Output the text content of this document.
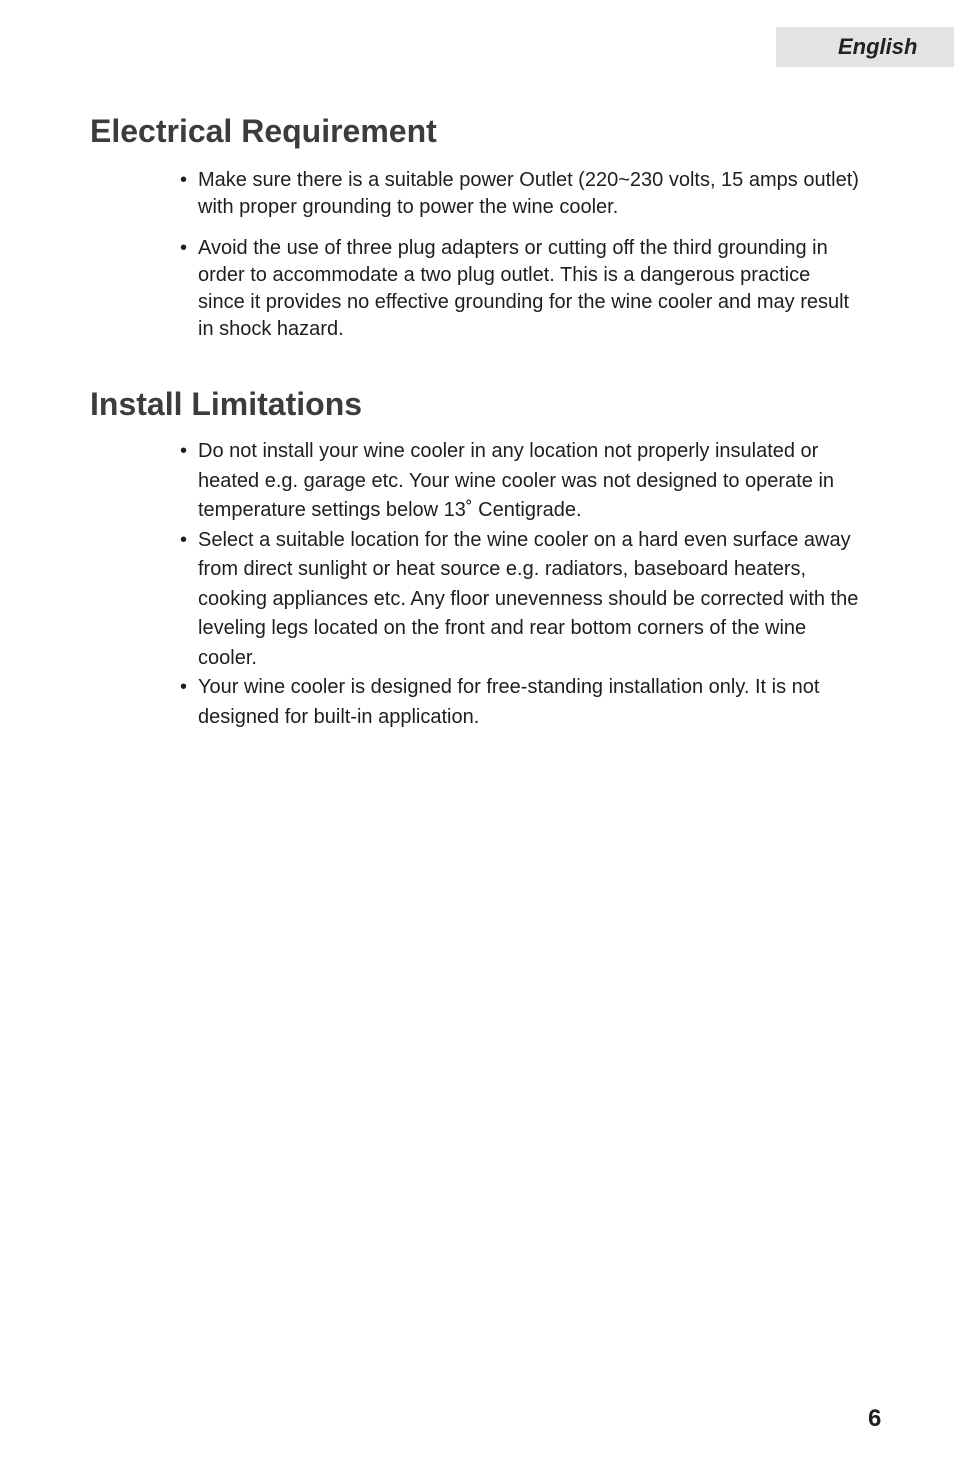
English
Electrical Requirement
• Make sure there is a suitable power Outlet (220~230 volts, 15 amps outlet) with proper grounding to power the wine cooler.
• Avoid the use of three plug adapters or cutting off the third grounding in order to accommodate a two plug outlet. This is a dangerous practice since it provides no effective grounding for the wine cooler and may result in shock hazard.
Install Limitations
• Do not install your wine cooler in any location not properly insulated or heated e.g. garage etc. Your wine cooler was not designed to operate in temperature settings below 13˚ Centigrade.
• Select a suitable location for the wine cooler on a hard even surface away from direct sunlight or heat source e.g. radiators, baseboard heaters, cooking appliances etc. Any floor unevenness should be corrected with the leveling legs located on the front and rear bottom corners of the wine cooler.
• Your wine cooler is designed for free-standing installation only. It is not designed for built-in application.
6
